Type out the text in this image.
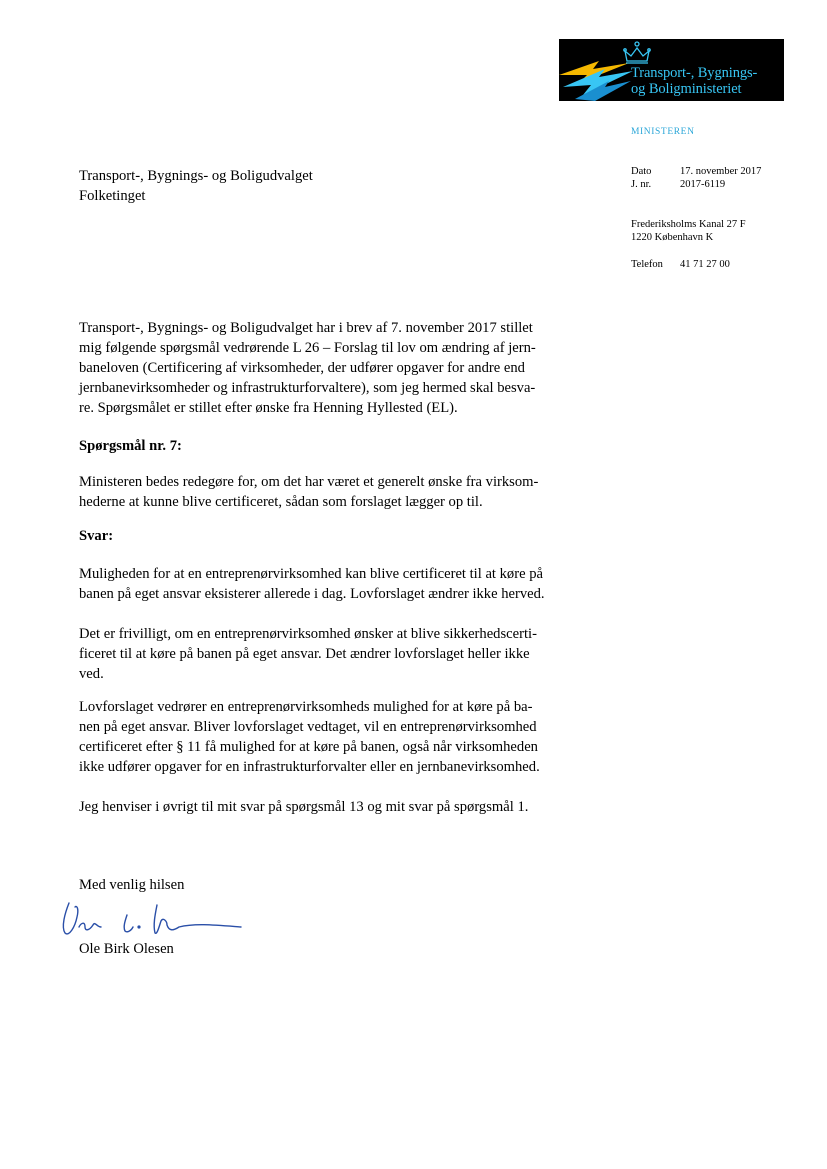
Transport-, Bygnings-
og Boligministeriet
MINISTEREN
Dato	17. november 2017
J. nr.	2017-6119
Frederiksholms Kanal 27 F
1220 København K
Telefon 41 71 27 00
Transport-, Bygnings- og Boligudvalget
Folketinget
Transport-, Bygnings- og Boligudvalget har i brev af 7. november 2017 stillet
mig følgende spørgsmål vedrørende L 26 – Forslag til lov om ændring af jern-
baneloven (Certificering af virksomheder, der udfører opgaver for andre end
jernbanevirksomheder og infrastrukturforvaltere), som jeg hermed skal besva-
re. Spørgsmålet er stillet efter ønske fra Henning Hyllested (EL).
Spørgsmål nr. 7:
Ministeren bedes redegøre for, om det har været et generelt ønske fra virksom-
hederne at kunne blive certificeret, sådan som forslaget lægger op til.
Svar:
Muligheden for at en entreprenørvirksomhed kan blive certificeret til at køre på
banen på eget ansvar eksisterer allerede i dag. Lovforslaget ændrer ikke herved.
Det er frivilligt, om en entreprenørvirksomhed ønsker at blive sikkerhedscerti-
ficeret til at køre på banen på eget ansvar. Det ændrer lovforslaget heller ikke
ved.
Lovforslaget vedrører en entreprenørvirksomheds mulighed for at køre på ba-
nen på eget ansvar. Bliver lovforslaget vedtaget, vil en entreprenørvirksomhed
certificeret efter § 11 få mulighed for at køre på banen, også når virksomheden
ikke udfører opgaver for en infrastrukturforvalter eller en jernbanevirksomhed.
Jeg henviser i øvrigt til mit svar på spørgsmål 13 og mit svar på spørgsmål 1.
Med venlig hilsen
Ole Birk Olesen
